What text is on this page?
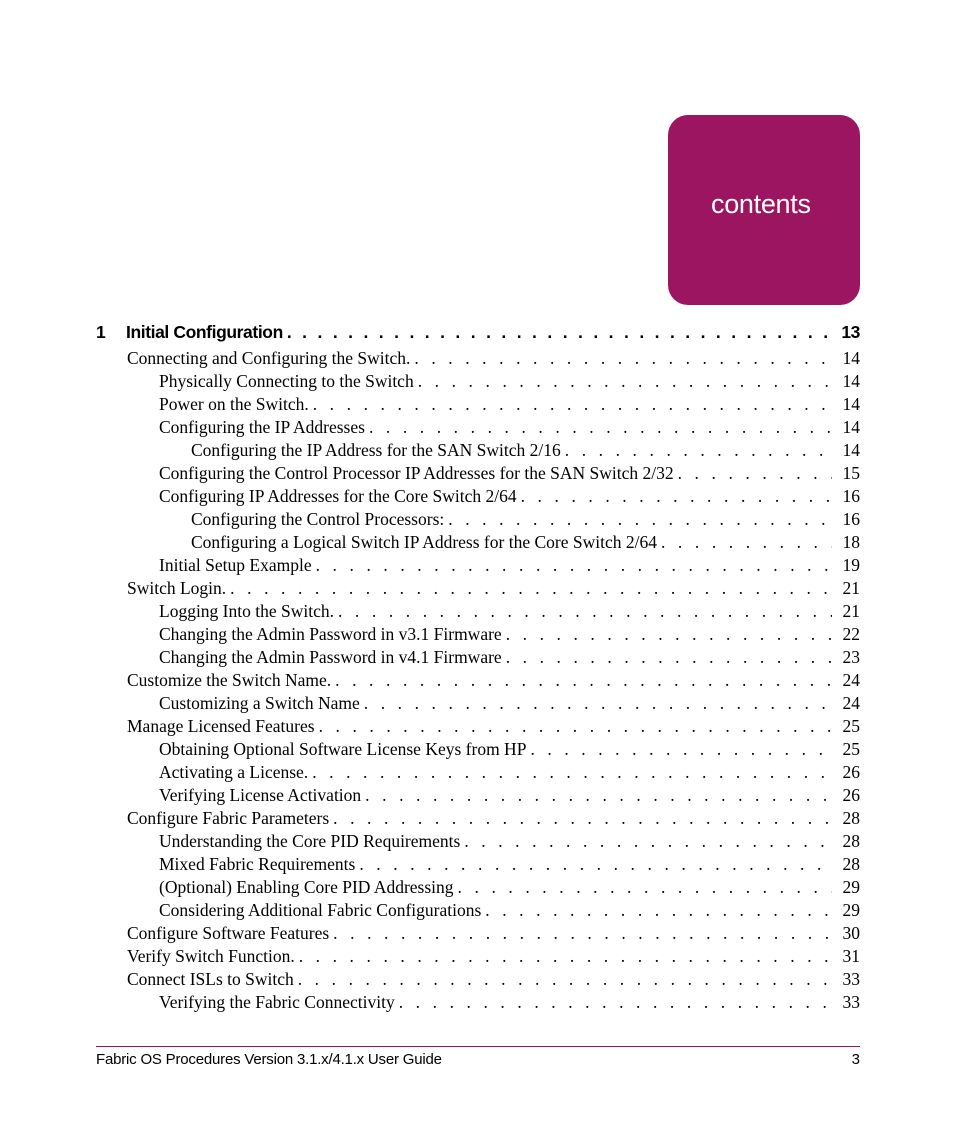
contents
1	Initial Configuration . . .	13
Connecting and Configuring the Switch. . . .	14
Physically Connecting to the Switch . . .	14
Power on the Switch. . . .	14
Configuring the IP Addresses . . .	14
Configuring the IP Address for the SAN Switch 2/16 . . .	14
Configuring the Control Processor IP Addresses for the SAN Switch 2/32 . . .	15
Configuring IP Addresses for the Core Switch 2/64 . . .	16
Configuring the Control Processors: . . .	16
Configuring a Logical Switch IP Address for the Core Switch 2/64 . . .	18
Initial Setup Example . . .	19
Switch Login. . . .	21
Logging Into the Switch. . . .	21
Changing the Admin Password in v3.1 Firmware . . .	22
Changing the Admin Password in v4.1 Firmware . . .	23
Customize the Switch Name. . . .	24
Customizing a Switch Name . . .	24
Manage Licensed Features . . .	25
Obtaining Optional Software License Keys from HP . . .	25
Activating a License. . . .	26
Verifying License Activation . . .	26
Configure Fabric Parameters . . .	28
Understanding the Core PID Requirements . . .	28
Mixed Fabric Requirements . . .	28
(Optional) Enabling Core PID Addressing . . .	29
Considering Additional Fabric Configurations . . .	29
Configure Software Features . . .	30
Verify Switch Function. . . .	31
Connect ISLs to Switch . . .	33
Verifying the Fabric Connectivity . . .	33
Fabric OS Procedures Version 3.1.x/4.1.x User Guide	3
